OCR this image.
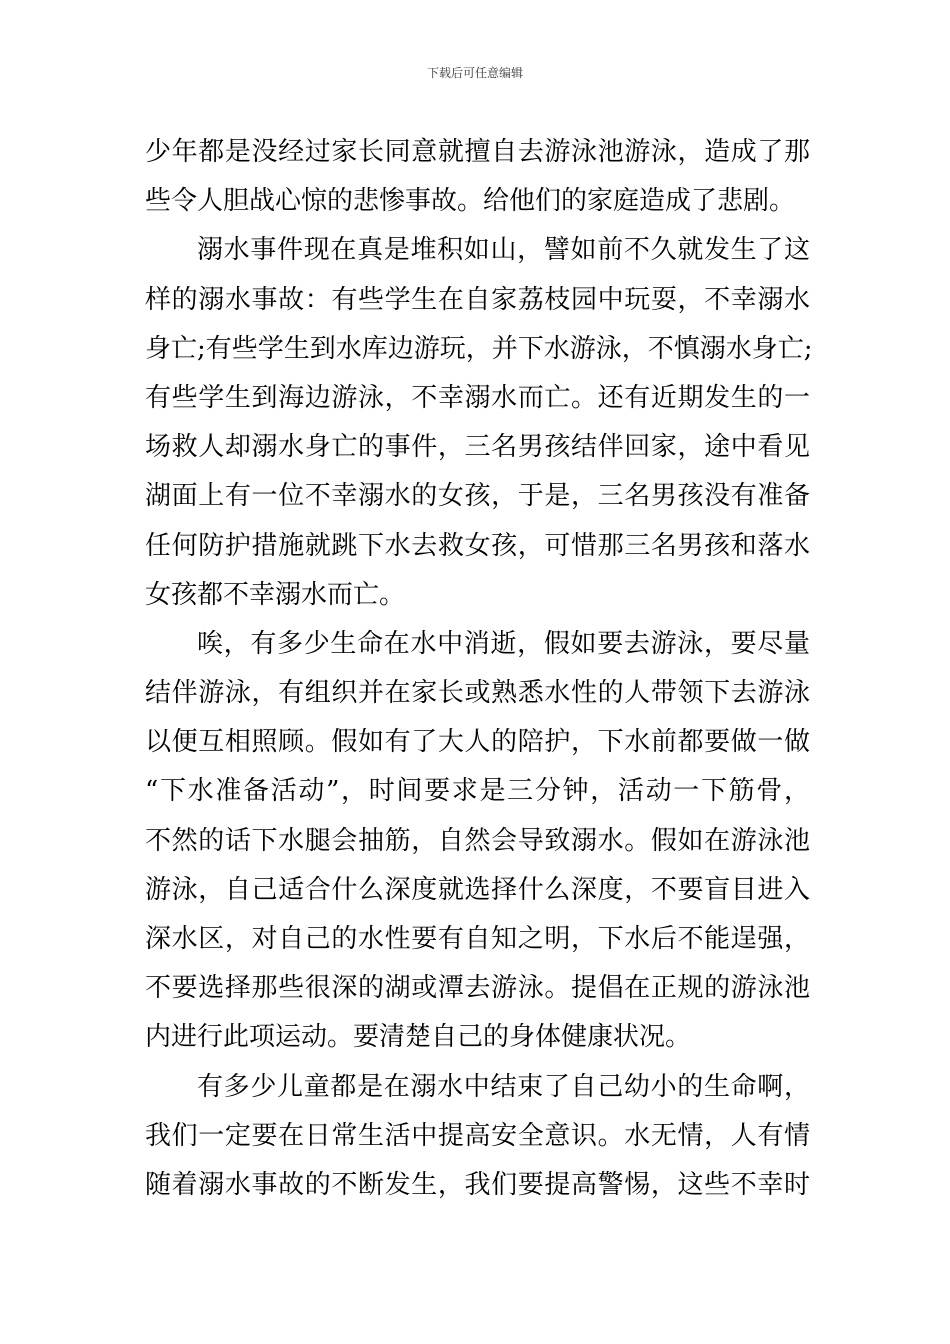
下载后可任意编辑
少年都是没经过家长同意就擅自去游泳池游泳，造成了那
些令人胆战心惊的悲惨事故。给他们的家庭造成了悲剧。
溺水事件现在真是堆积如山，譬如前不久就发生了这
样的溺水事故：有些学生在自家荔枝园中玩耍，不幸溺水
身亡;有些学生到水库边游玩，并下水游泳，不慎溺水身亡;
有些学生到海边游泳，不幸溺水而亡。还有近期发生的一
场救人却溺水身亡的事件，三名男孩结伴回家，途中看见
湖面上有一位不幸溺水的女孩，于是，三名男孩没有准备
任何防护措施就跳下水去救女孩，可惜那三名男孩和落水
女孩都不幸溺水而亡。
唉，有多少生命在水中消逝，假如要去游泳，要尽量
结伴游泳，有组织并在家长或熟悉水性的人带领下去游泳
以便互相照顾。假如有了大人的陪护，下水前都要做一做
“下水准备活动”，时间要求是三分钟，活动一下筋骨，
不然的话下水腿会抽筋，自然会导致溺水。假如在游泳池
游泳，自己适合什么深度就选择什么深度，不要盲目进入
深水区，对自己的水性要有自知之明，下水后不能逞强，
不要选择那些很深的湖或潭去游泳。提倡在正规的游泳池
内进行此项运动。要清楚自己的身体健康状况。
有多少儿童都是在溺水中结束了自己幼小的生命啊，
我们一定要在日常生活中提高安全意识。水无情，人有情
随着溺水事故的不断发生，我们要提高警惕，这些不幸时
